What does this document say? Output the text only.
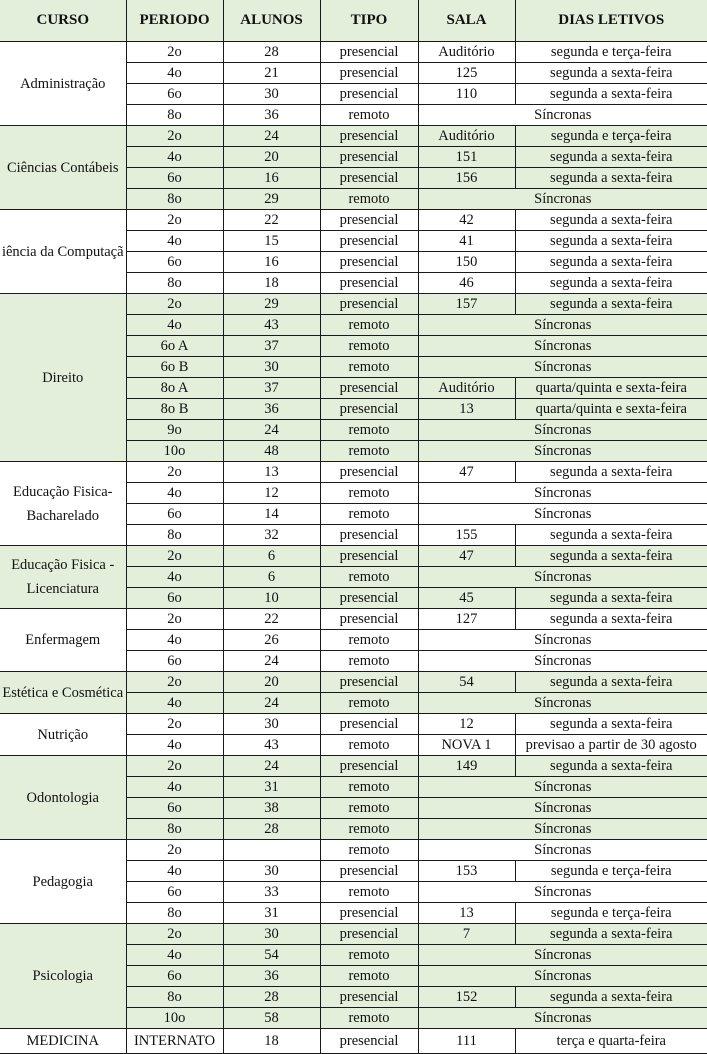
CURSO	PERIODO	ALUNOS	TIPO	SALA	DIAS LETIVOS
Administração	2o	28	presencial	Auditório	segunda e terça-feira
	4o	21	presencial	125	segunda a sexta-feira
	6o	30	presencial	110	segunda a sexta-feira
	8o	36	remoto	Síncronas	
Ciências Contábeis	2o	24	presencial	Auditório	segunda e terça-feira
	4o	20	presencial	151	segunda a sexta-feira
	6o	16	presencial	156	segunda a sexta-feira
	8o	29	remoto	Síncronas	
iência da Computaçã	2o	22	presencial	42	segunda a sexta-feira
	4o	15	presencial	41	segunda a sexta-feira
	6o	16	presencial	150	segunda a sexta-feira
	8o	18	presencial	46	segunda a sexta-feira
Direito	2o	29	presencial	157	segunda a sexta-feira
	4o	43	remoto	Síncronas	
	6o A	37	remoto	Síncronas	
	6o B	30	remoto	Síncronas	
	8o A	37	presencial	Auditório	quarta/quinta e sexta-feira
	8o B	36	presencial	13	quarta/quinta e sexta-feira
	9o	24	remoto	Síncronas	
	10o	48	remoto	Síncronas	
Educação Fisica-Bacharelado	2o	13	presencial	47	segunda a sexta-feira
	4o	12	remoto	Síncronas	
	6o	14	remoto	Síncronas	
	8o	32	presencial	155	segunda a sexta-feira
Educação Fisica - Licenciatura	2o	6	presencial	47	segunda a sexta-feira
	4o	6	remoto	Síncronas	
	6o	10	presencial	45	segunda a sexta-feira
Enfermagem	2o	22	presencial	127	segunda a sexta-feira
	4o	26	remoto	Síncronas	
	6o	24	remoto	Síncronas	
Estética e Cosmética	2o	20	presencial	54	segunda a sexta-feira
	4o	24	remoto	Síncronas	
Nutrição	2o	30	presencial	12	segunda a sexta-feira
	4o	43	remoto	NOVA 1	previsao a partir de 30 agosto
Odontologia	2o	24	presencial	149	segunda a sexta-feira
	4o	31	remoto	Síncronas	
	6o	38	remoto	Síncronas	
	8o	28	remoto	Síncronas	
Pedagogia	2o		remoto	Síncronas	
	4o	30	presencial	153	segunda e terça-feira
	6o	33	remoto	Síncronas	
	8o	31	presencial	13	segunda e terça-feira
Psicologia	2o	30	presencial	7	segunda a sexta-feira
	4o	54	remoto	Síncronas	
	6o	36	remoto	Síncronas	
	8o	28	presencial	152	segunda a sexta-feira
	10o	58	remoto	Síncronas	
MEDICINA	INTERNATO	18	presencial	111	terça e quarta-feira
